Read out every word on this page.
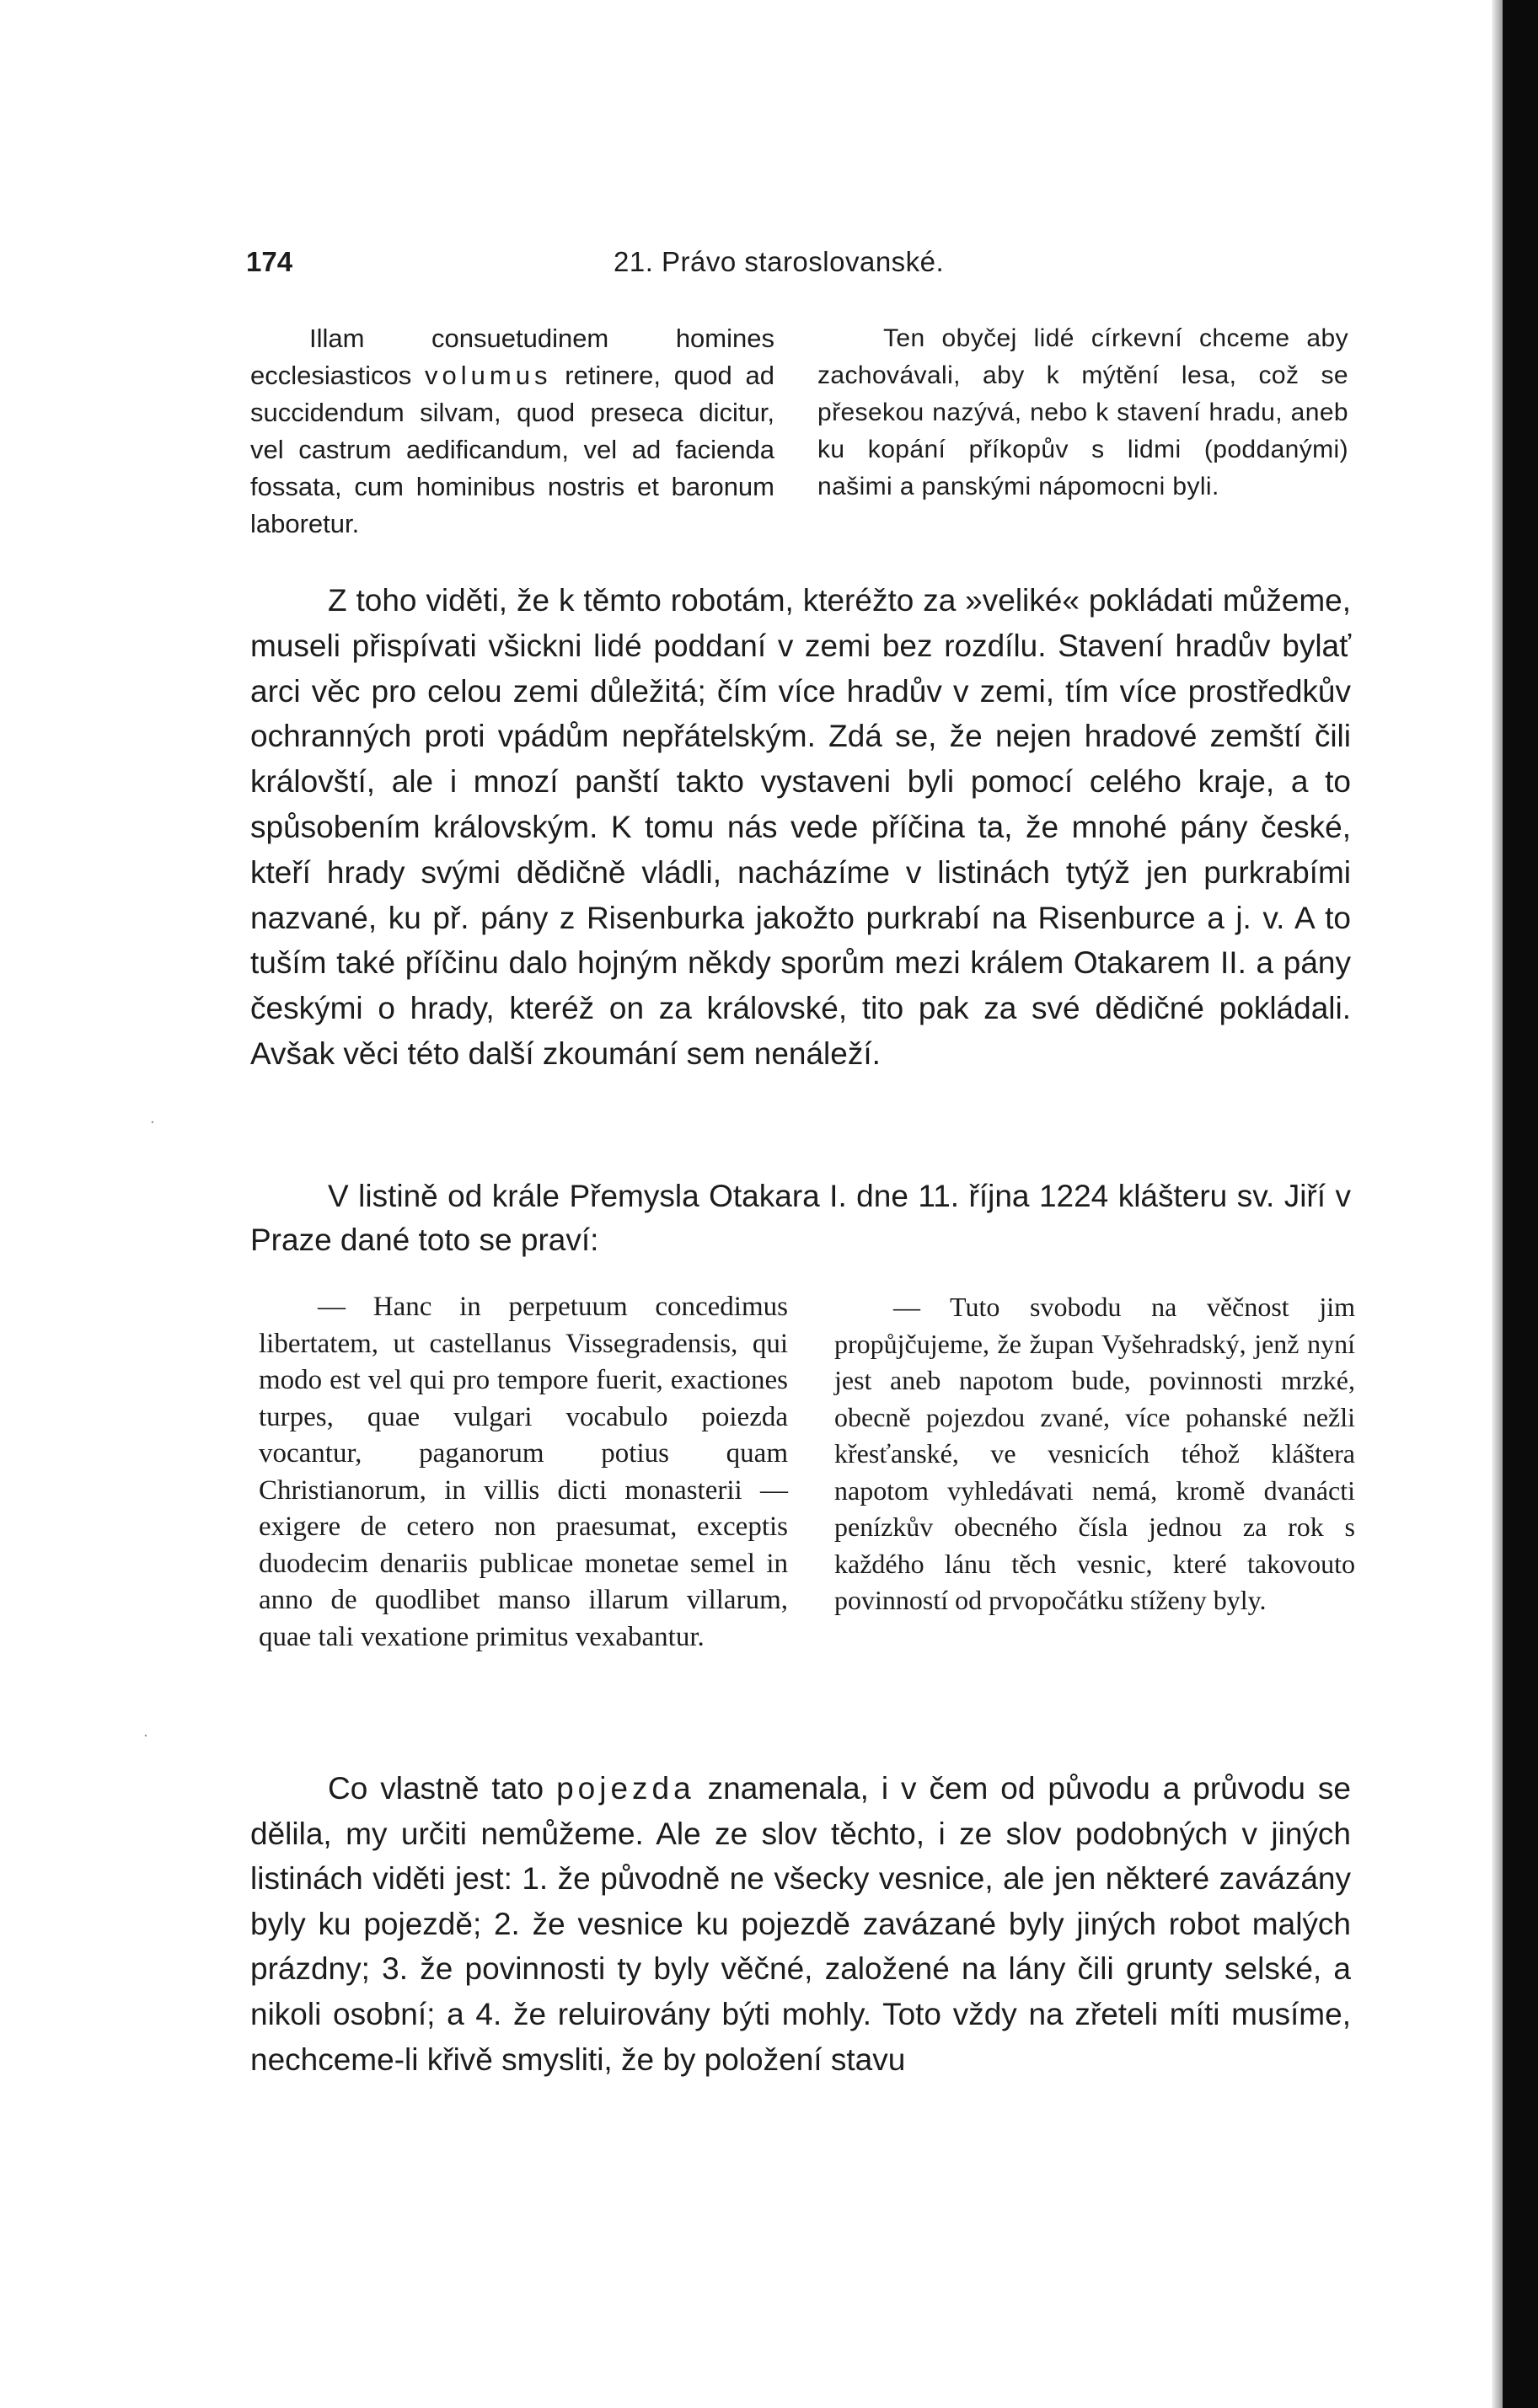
174	21. Právo staroslovanské.

Illam consuetudinem homines ecclesiasticos volumus retinere, quod ad succidendum silvam, quod preseca dicitur, vel castrum aedificandum, vel ad facienda fossata, cum hominibus nostris et baronum laboretur.

Ten obyčej lidé církevní chceme aby zachovávali, aby k mýtění lesa, což se přesekou nazývá, nebo k stavení hradu, aneb ku kopání příkopův s lidmi (poddanými) našimi a panskými nápomocni byli.

Z toho viděti, že k těmto robotám, kteréžto za »veliké« pokládati můžeme, museli přispívati všickni lidé poddaní v zemi bez rozdílu. Stavení hradův bylať arci věc pro celou zemi důležitá; čím více hradův v zemi, tím více prostředkův ochranných proti vpádům nepřátelským. Zdá se, že nejen hradové zemští čili královští, ale i mnozí panští takto vystaveni byli pomocí celého kraje, a to spůsobením královským. K tomu nás vede příčina ta, že mnohé pány české, kteří hrady svými dědičně vládli, nacházíme v listinách tytýž jen purkrabími nazvané, ku př. pány z Risenburka jakožto purkrabí na Risenburce a j. v. A to tuším také příčinu dalo hojným někdy sporům mezi králem Otakarem II. a pány českými o hrady, kteréž on za královské, tito pak za své dědičné pokládali. Avšak věci této další zkoumání sem nenáleží.

V listině od krále Přemysla Otakara I. dne 11. října 1224 klášteru sv. Jiří v Praze dané toto se praví:

— Hanc in perpetuum concedimus libertatem, ut castellanus Vissegradensis, qui modo est vel qui pro tempore fuerit, exactiones turpes, quae vulgari vocabulo poiezda vocantur, paganorum potius quam Christianorum, in villis dicti monasterii — exigere de cetero non praesumat, exceptis duodecim denariis publicae monetae semel in anno de quodlibet manso illarum villarum, quae tali vexatione primitus vexabantur.

— Tuto svobodu na věčnost jim propůjčujeme, že župan Vyšehradský, jenž nyní jest aneb napotom bude, povinnosti mrzké, obecně pojezdou zvané, více pohanské nežli křesťanské, ve vesnicích téhož kláštera napotom vyhledávati nemá, kromě dvanácti penízkův obecného čísla jednou za rok s každého lánu těch vesnic, které takovouto povinností od prvopočátku stíženy byly.

Co vlastně tato pojezda znamenala, i v čem od původu a průvodu se dělila, my určiti nemůžeme. Ale ze slov těchto, i ze slov podobných v jiných listinách viděti jest: 1. že původně ne všecky vesnice, ale jen některé zavázány byly ku pojezdě; 2. že vesnice ku pojezdě zavázané byly jiných robot malých prázdny; 3. že povinnosti ty byly věčné, založené na lány čili grunty selské, a nikoli osobní; a 4. že reluirovány býti mohly. Toto vždy na zřeteli míti musíme, nechceme-li křivě smysliti, že by položení stavu

·
·
